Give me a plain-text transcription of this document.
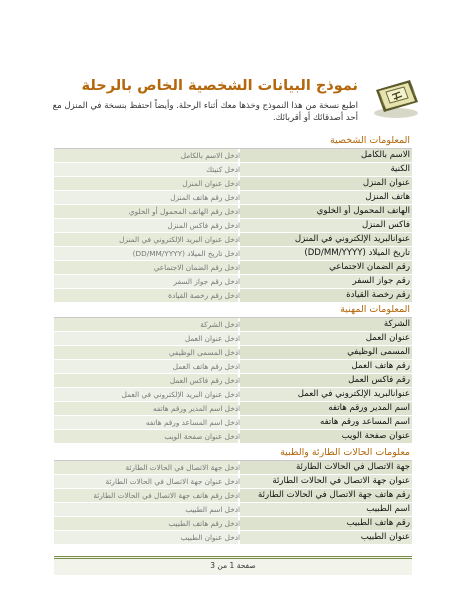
نموذج البيانات الشخصية الخاص بالرحلة
اطبع نسخة من هذا النموذج وخذها معك أثناء الرحلة. وأيضاً احتفظ بنسخة في المنزل مع أحد أصدقائك أو أقربائك.
المعلومات الشخصية
الاسم بالكامل
ادخل الاسم بالكامل
الكنية
ادخل كنيتك
عنوان المنزل
ادخل عنوان المنزل
هاتف المنزل
ادخل رقم هاتف المنزل
الهاتف المحمول أو الخلوي
ادخل رقم الهاتف المحمول أو الخلوي
فاكس المنزل
ادخل رقم فاكس المنزل
عنوانالبريد الإلكتروني في المنزل
ادخل عنوان البريد الإلكتروني في المنزل
تاريخ الميلاد (DD/MM/YYYY)
ادخل تاريخ الميلاد (DD/MM/YYYY)
رقم الضمان الاجتماعي
ادخل رقم الضمان الاجتماعي
رقم جواز السفر
ادخل رقم جواز السفر
رقم رخصة القيادة
ادخل رقم رخصة القيادة
المعلومات المهنية
الشركة
ادخل الشركة
عنوان العمل
ادخل عنوان العمل
المسمى الوظيفي
ادخل المسمى الوظيفي
رقم هاتف العمل
ادخل رقم هاتف العمل
رقم فاكس العمل
ادخل رقم فاكس العمل
عنوانالبريد الإلكتروني في العمل
ادخل عنوان البريد الإلكتروني في العمل
اسم المدير ورقم هاتفه
ادخل اسم المدير ورقم هاتفه
اسم المساعد ورقم هاتفه
ادخل اسم المساعد ورقم هاتفه
عنوان صفحة الويب
ادخل عنوان صفحة الويب
معلومات الحالات الطارئة والطبية
جهة الاتصال في الحالات الطارئة
ادخل جهة الاتصال في الحالات الطارئة
عنوان جهة الاتصال في الحالات الطارئة
ادخل عنوان جهة الاتصال في الحالات الطارئة
رقم هاتف جهة الاتصال في الحالات الطارئة
ادخل رقم هاتف جهة الاتصال في الحالات الطارئة
اسم الطبيب
ادخل اسم الطبيب
رقم هاتف الطبيب
ادخل رقم هاتف الطبيب
عنوان الطبيب
ادخل عنوان الطبيب
صفحة 1 من 3
